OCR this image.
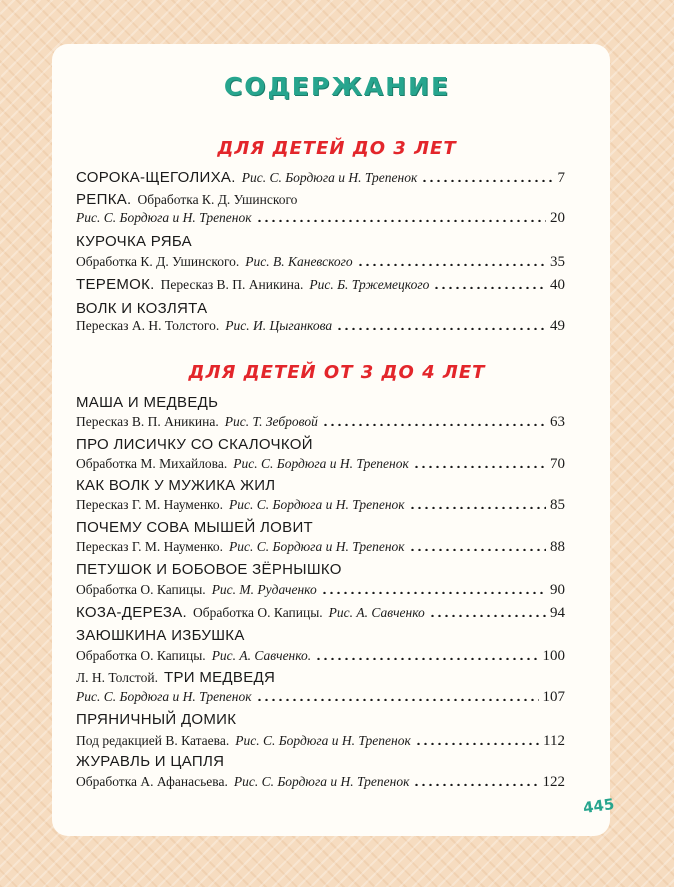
СОДЕРЖАНИЕ
ДЛЯ ДЕТЕЙ ДО 3 ЛЕТ
СОРОКА-ЩЕГОЛИХА. Рис. С. Бордюга и Н. Трепенок	7
РЕПКА. Обработка К. Д. Ушинского
Рис. С. Бордюга и Н. Трепенок	20
КУРОЧКА РЯБА
Обработка К. Д. Ушинского. Рис. В. Каневского	35
ТЕРЕМОК. Пересказ В. П. Аникина. Рис. Б. Тржемецкого	40
ВОЛК И КОЗЛЯТА
Пересказ А. Н. Толстого. Рис. И. Цыганкова	49
ДЛЯ ДЕТЕЙ ОТ 3 ДО 4 ЛЕТ
МАША И МЕДВЕДЬ
Пересказ В. П. Аникина. Рис. Т. Зебровой	63
ПРО ЛИСИЧКУ СО СКАЛОЧКОЙ
Обработка М. Михайлова. Рис. С. Бордюга и Н. Трепенок	70
КАК ВОЛК У МУЖИКА ЖИЛ
Пересказ Г. М. Науменко. Рис. С. Бордюга и Н. Трепенок	85
ПОЧЕМУ СОВА МЫШЕЙ ЛОВИТ
Пересказ Г. М. Науменко. Рис. С. Бордюга и Н. Трепенок	88
ПЕТУШОК И БОБОВОЕ ЗЁРНЫШКО
Обработка О. Капицы. Рис. М. Рудаченко	90
КОЗА-ДЕРЕЗА. Обработка О. Капицы. Рис. А. Савченко	94
ЗАЮШКИНА ИЗБУШКА
Обработка О. Капицы. Рис. А. Савченко.	100
Л. Н. Толстой. ТРИ МЕДВЕДЯ
Рис. С. Бордюга и Н. Трепенок	107
ПРЯНИЧНЫЙ ДОМИК
Под редакцией В. Катаева. Рис. С. Бордюга и Н. Трепенок	112
ЖУРАВЛЬ И ЦАПЛЯ
Обработка А. Афанасьева. Рис. С. Бордюга и Н. Трепенок	122
445
